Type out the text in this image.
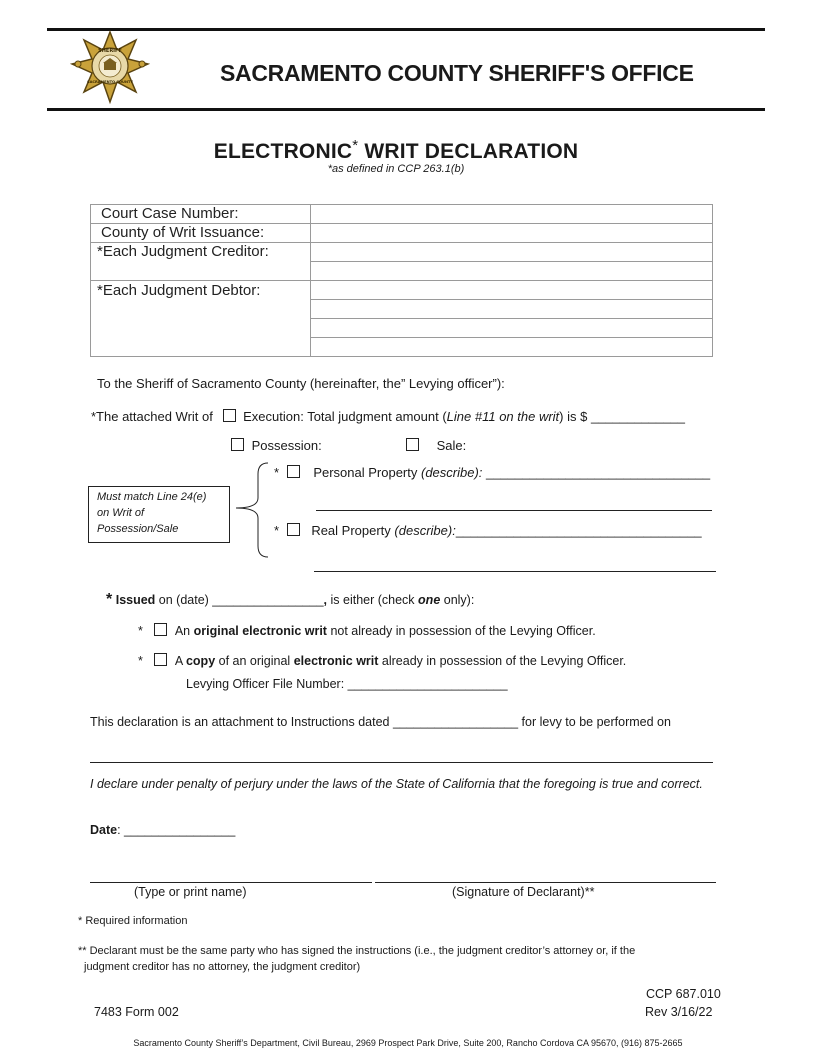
SHERIFF
SACRAMENTO COUNTY	SACRAMENTO COUNTY SHERIFF'S OFFICE
ELECTRONIC* WRIT DECLARATION
*as defined in CCP 263.1(b)
Court Case Number:	
County of Writ Issuance:	
*Each Judgment Creditor:	

*Each Judgment Debtor:	

To the Sheriff of Sacramento County (hereinafter, the” Levying officer”):
*The attached Writ of Execution: Total judgment amount (Line #11 on the writ) is $ _____________
Possession:	Sale:
Must match Line 24(e)
on Writ of
Possession/Sale
*	Personal Property (describe): _______________________________
* Real Property (describe):__________________________________
* Issued on (date) ________________, is either (check one only):
*	An original electronic writ not already in possession of the Levying Officer.
*	A copy of an original electronic writ already in possession of the Levying Officer.
Levying Officer File Number: _______________________
This declaration is an attachment to Instructions dated __________________ for levy to be performed on
I declare under penalty of perjury under the laws of the State of California that the foregoing is true and correct.
Date: ________________
(Type or print name)	(Signature of Declarant)**
* Required information
** Declarant must be the same party who has signed the instructions (i.e., the judgment creditor’s attorney or, if the
judgment creditor has no attorney, the judgment creditor)
CCP 687.010
7483 Form 002	Rev 3/16/22
Sacramento County Sheriff’s Department, Civil Bureau, 2969 Prospect Park Drive, Suite 200, Rancho Cordova CA 95670, (916) 875-2665
